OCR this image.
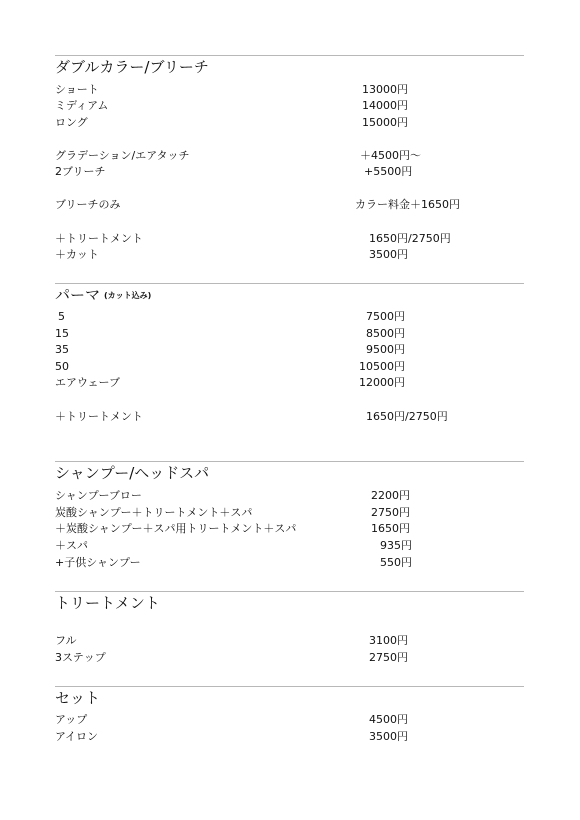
ダブルカラー/ブリーチ
ショート	13000円
ミディアム	14000円
ロング	15000円
グラデーション/エアタッチ	＋4500円〜
2ブリーチ	+5500円
ブリーチのみ	カラー料金＋1650円
＋トリートメント	1650円/2750円
＋カット	3500円
パーマ (カット込み)
5	7500円
15	8500円
35	9500円
50	10500円
エアウェーブ	12000円
＋トリートメント	1650円/2750円
シャンプー/ヘッドスパ
シャンプーブロー	2200円
炭酸シャンプー＋トリートメント＋スパ	2750円
＋炭酸シャンプー＋スパ用トリートメント＋スパ	1650円
＋スパ	935円
+子供シャンプー	550円
トリートメント
フル	3100円
3ステップ	2750円
セット
アップ	4500円
アイロン	3500円
